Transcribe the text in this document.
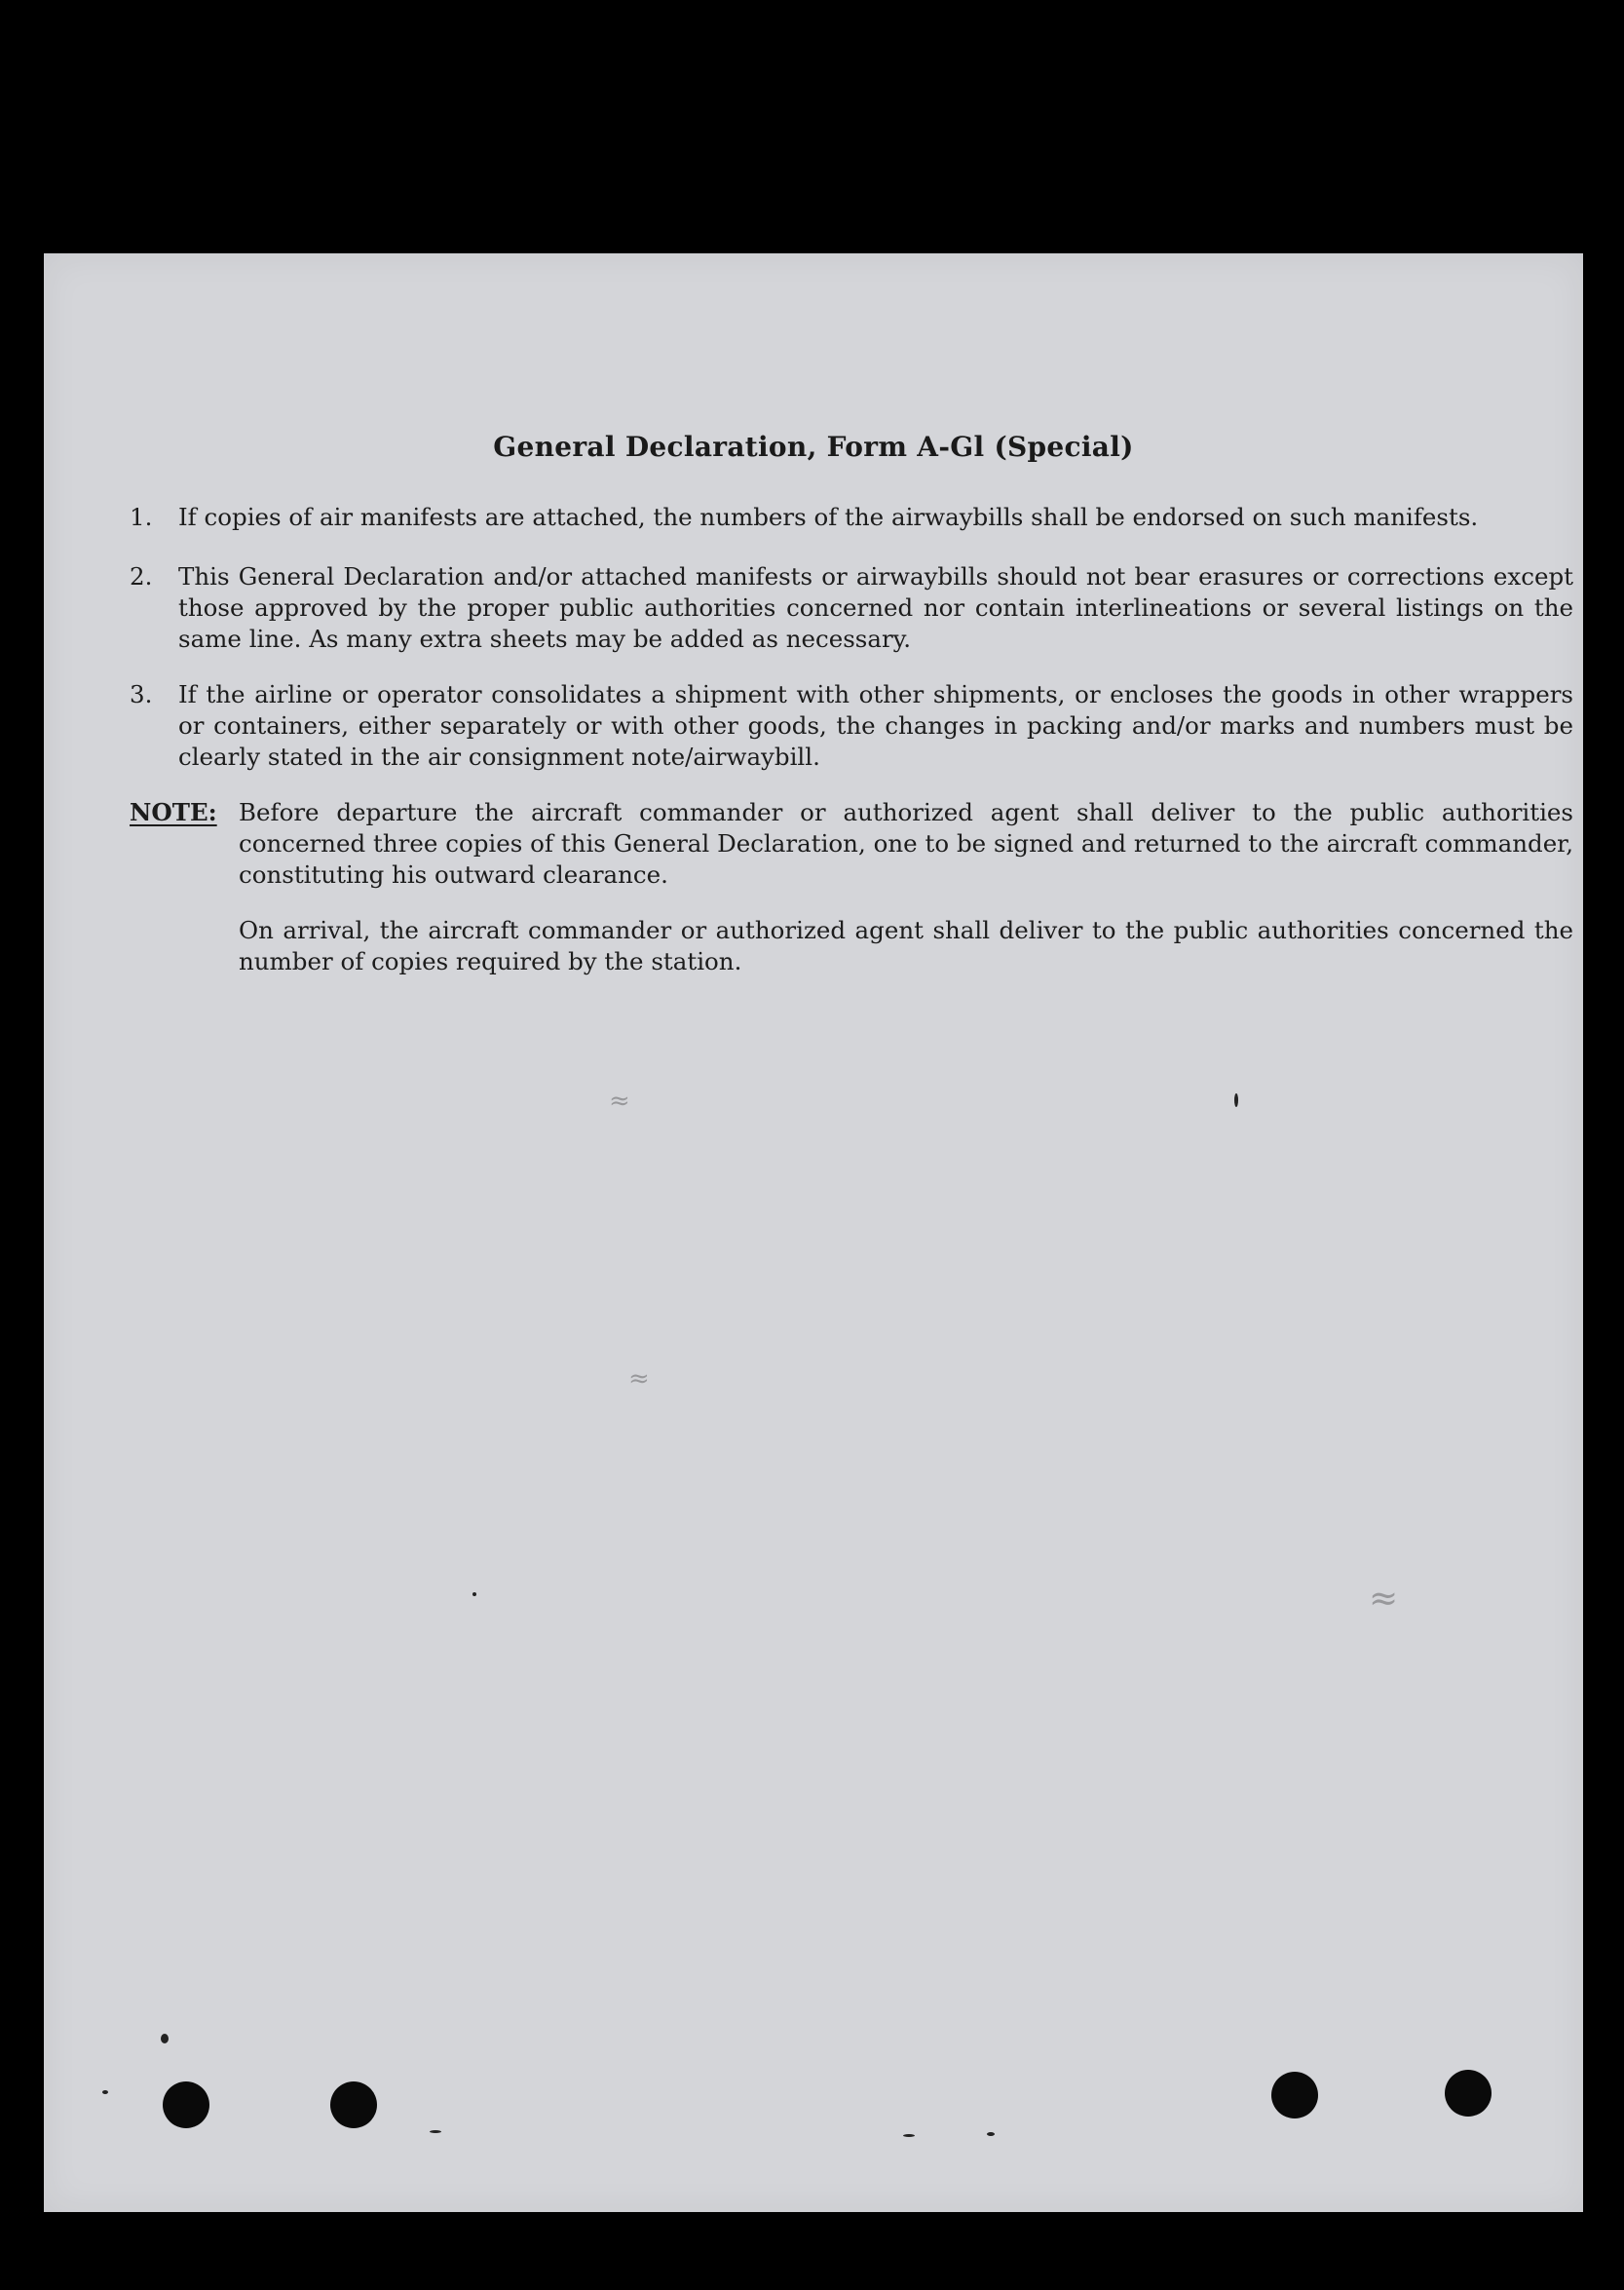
General Declaration, Form A-Gl (Special)
1.	If copies of air manifests are attached, the numbers of the airwaybills shall be endorsed on such manifests.
2.	This General Declaration and/or attached manifests or airwaybills should not bear erasures or corrections except those approved by the proper public authorities concerned nor contain interlineations or several listings on the same line. As many extra sheets may be added as necessary.
3.	If the airline or operator consolidates a shipment with other shipments, or encloses the goods in other wrappers or containers, either separately or with other goods, the changes in packing and/or marks and numbers must be clearly stated in the air consignment note/airwaybill.
NOTE: Before departure the aircraft commander or authorized agent shall deliver to the public authorities concerned three copies of this General Declaration, one to be signed and returned to the aircraft commander, constituting his outward clearance.
On arrival, the aircraft commander or authorized agent shall deliver to the public authorities concerned the number of copies required by the station.
≈
≈
≈
